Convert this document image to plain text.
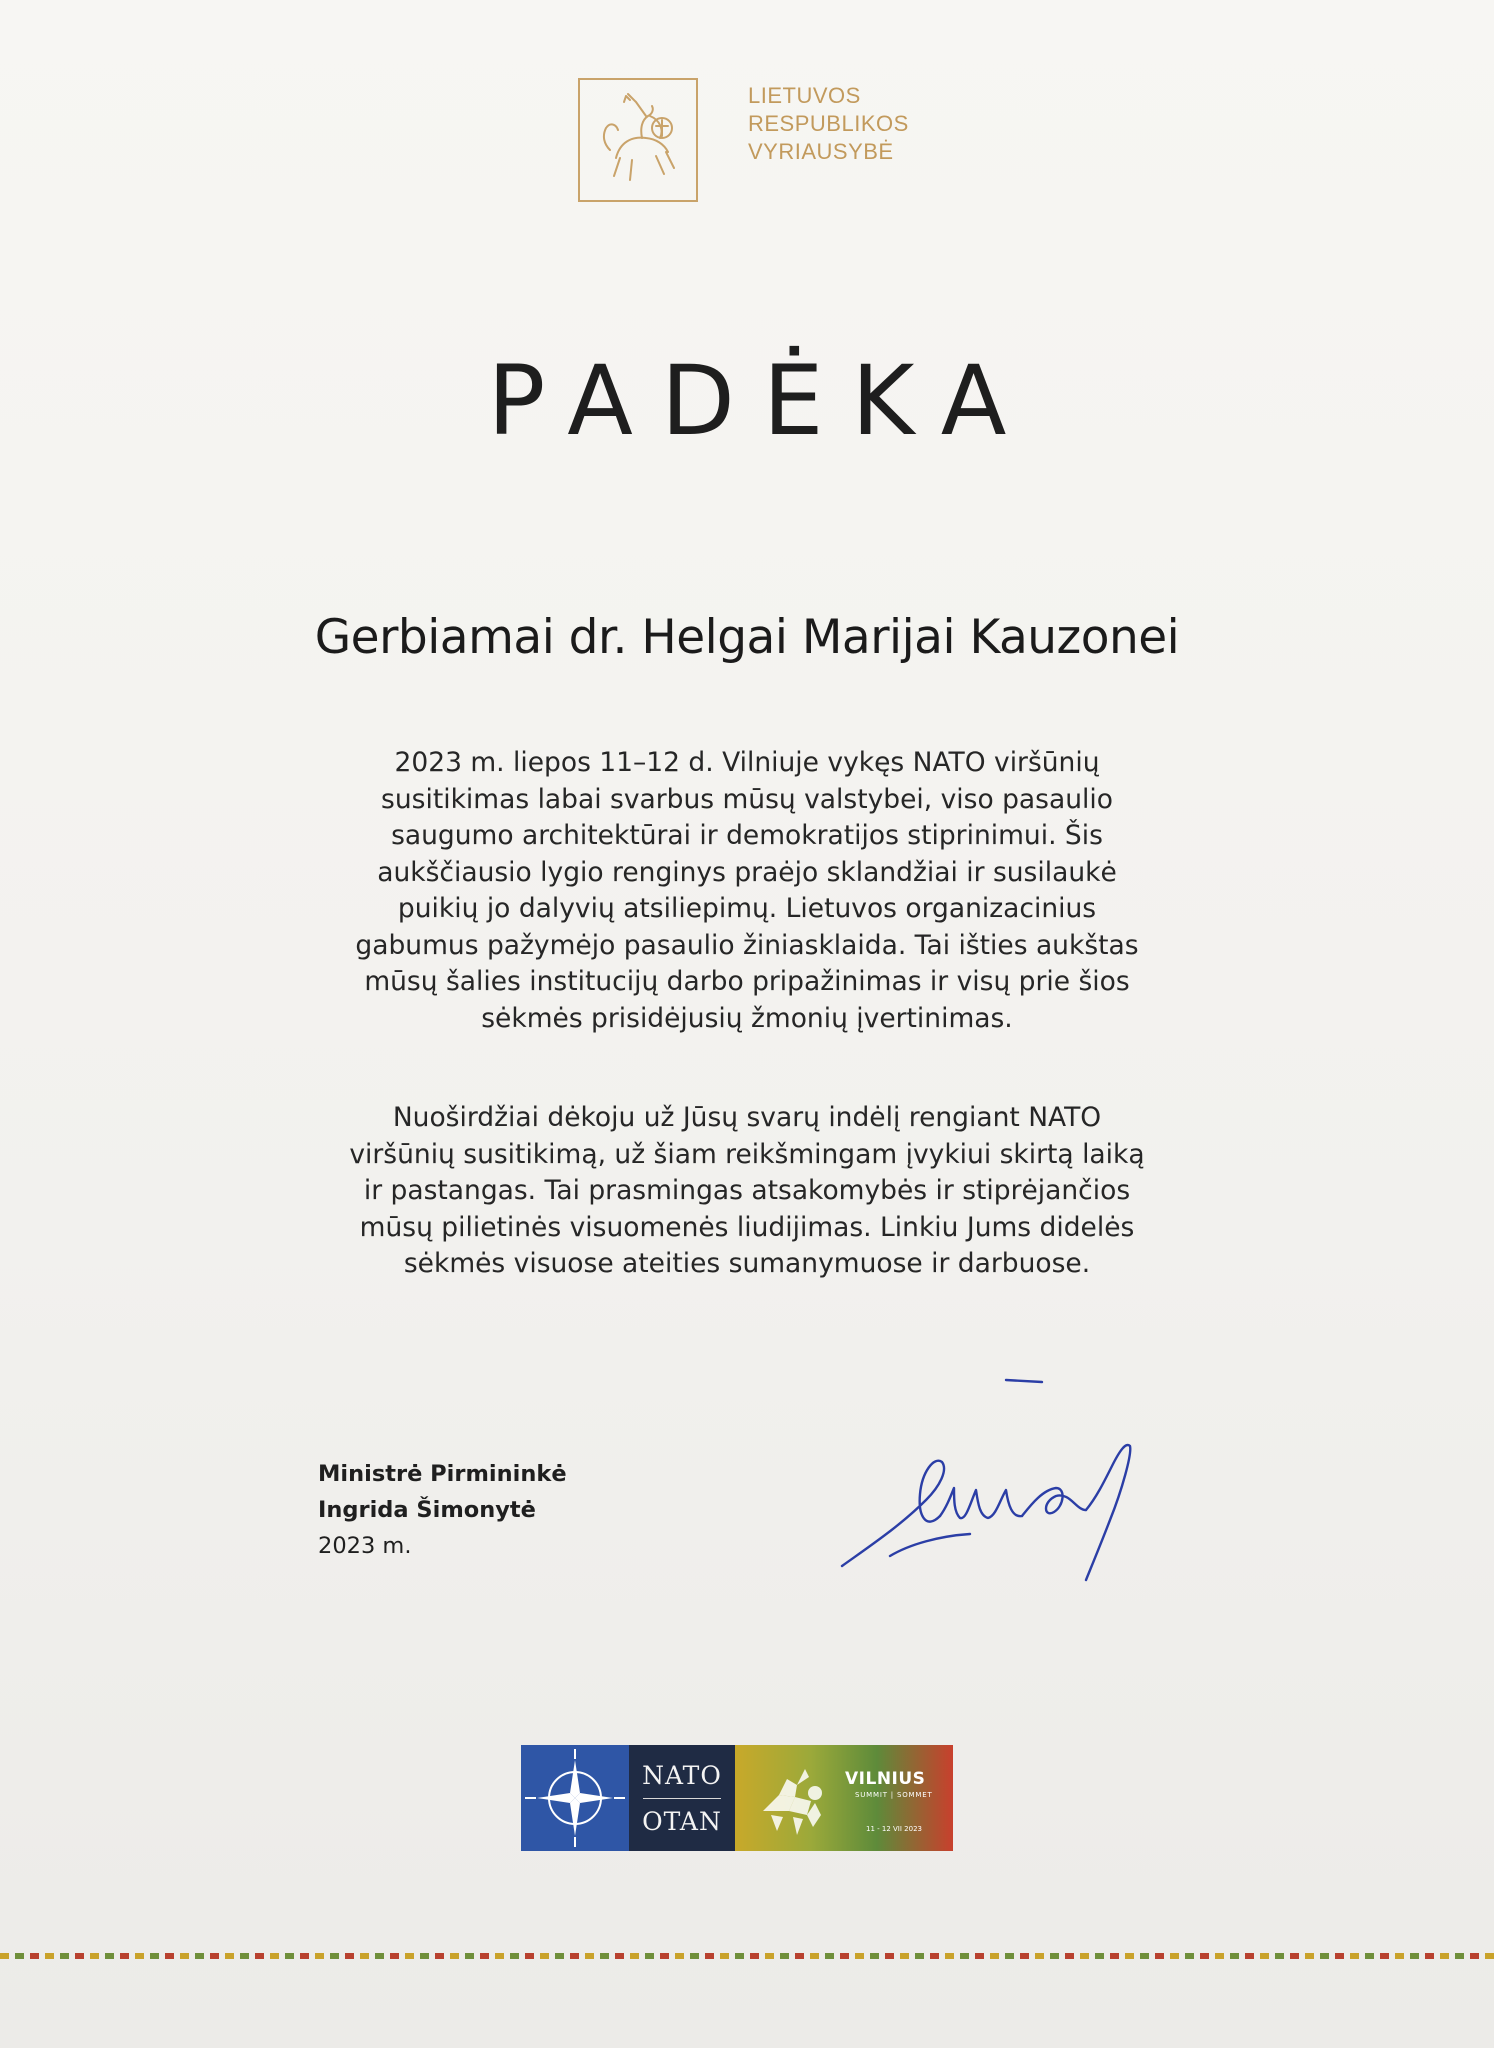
LIETUVOS
RESPUBLIKOS
VYRIAUSYBĖ
PADĖKA
Gerbiamai dr. Helgai Marijai Kauzonei
2023 m. liepos 11–12 d. Vilniuje vykęs NATO viršūnių
susitikimas labai svarbus mūsų valstybei, viso pasaulio
saugumo architektūrai ir demokratijos stiprinimui. Šis
aukščiausio lygio renginys praėjo sklandžiai ir susilaukė
puikių jo dalyvių atsiliepimų. Lietuvos organizacinius
gabumus pažymėjo pasaulio žiniasklaida. Tai išties aukštas
mūsų šalies institucijų darbo pripažinimas ir visų prie šios
sėkmės prisidėjusių žmonių įvertinimas.
Nuoširdžiai dėkoju už Jūsų svarų indėlį rengiant NATO
viršūnių susitikimą, už šiam reikšmingam įvykiui skirtą laiką
ir pastangas. Tai prasmingas atsakomybės ir stiprėjančios
mūsų pilietinės visuomenės liudijimas. Linkiu Jums didelės
sėkmės visuose ateities sumanymuose ir darbuose.
Ministrė Pirmininkė
Ingrida Šimonytė
2023 m.
NATO
OTAN
VILNIUS
SUMMIT | SOMMET
11 - 12 VII 2023
